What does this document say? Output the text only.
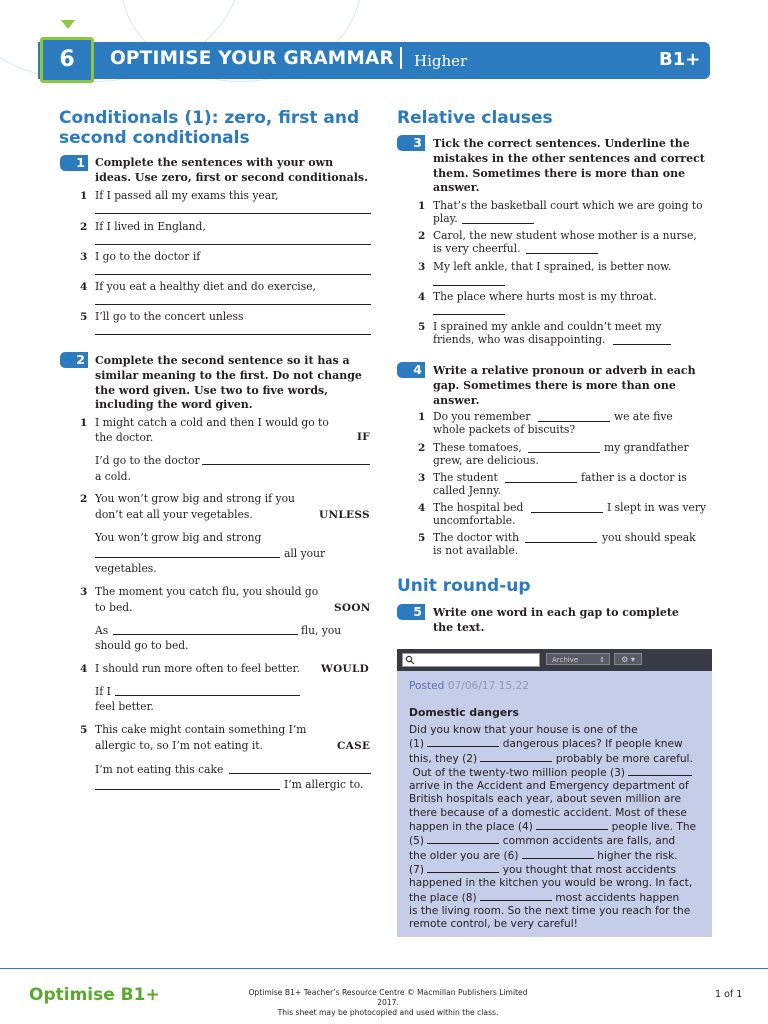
6	OPTIMISE YOUR GRAMMAR Higher	B1+
Conditionals (1): zero, first and
second conditionals
1 Complete the sentences with your own
ideas. Use zero, first or second conditionals.
1 If I passed all my exams this year,
2 If I lived in England,
3 I go to the doctor if
4 If you eat a healthy diet and do exercise,
5 I’ll go to the concert unless
2 Complete the second sentence so it has a
similar meaning to the first. Do not change
the word given. Use two to five words,
including the word given.
1 I might catch a cold and then I would go to
the doctor.	IF
I’d go to the doctor
a cold.
2 You won’t grow big and strong if you
don’t eat all your vegetables.	UNLESS
You won’t grow big and strong
all your
vegetables.
3 The moment you catch flu, you should go
to bed.	SOON
As	flu, you
should go to bed.
4 I should run more often to feel better. WOULD
If I
feel better.
5 This cake might contain something I’m
allergic to, so I’m not eating it.	CASE
I’m not eating this cake
I’m allergic to.
Relative clauses
3 Tick the correct sentences. Underline the
mistakes in the other sentences and correct
them. Sometimes there is more than one
answer.
1 That’s the basketball court which we are going to
play.
2 Carol, the new student whose mother is a nurse,
is very cheerful.
3 My left ankle, that I sprained, is better now.
4 The place where hurts most is my throat.
5 I sprained my ankle and couldn’t meet my
friends, who was disappointing.
4 Write a relative pronoun or adverb in each
gap. Sometimes there is more than one
answer.
1 Do you remember	we ate five
whole packets of biscuits?
2 These tomatoes,	my grandfather
grew, are delicious.
3 The student	father is a doctor is
called Jenny.
4 The hospital bed	I slept in was very
uncomfortable.
5 The doctor with	you should speak
is not available.
Unit round-up
5 Write one word in each gap to complete
the text.
Archive	⇕	⚙ ▾
Posted 07/06/17 15.22
Domestic dangers
Did you know that your house is one of the
(1)	dangerous places? If people knew
this, they (2)	probably be more careful.
Out of the twenty-two million people (3)
arrive in the Accident and Emergency department of
British hospitals each year, about seven million are
there because of a domestic accident. Most of these
happen in the place (4)	people live. The
(5)	common accidents are falls, and
the older you are (6)	higher the risk.
(7)	you thought that most accidents
happened in the kitchen you would be wrong. In fact,
the place (8)	most accidents happen
is the living room. So the next time you reach for the
remote control, be very careful!
Optimise B1+	Optimise B1+ Teacher’s Resource Centre © Macmillan Publishers Limited 2017.
This sheet may be photocopied and used within the class.
1 of 1
